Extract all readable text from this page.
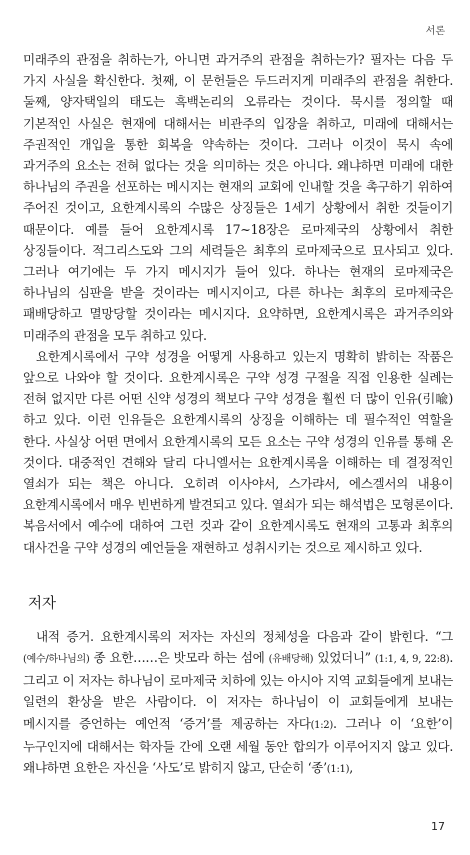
서론

미래주의 관점을 취하는가, 아니면 과거주의 관점을 취하는가? 필자는 다음 두 가지 사실을 확신한다. 첫째, 이 문헌들은 두드러지게 미래주의 관점을 취한다. 둘째, 양자택일의 태도는 흑백논리의 오류라는 것이다. 묵시를 정의할 때 기본적인 사실은 현재에 대해서는 비관주의 입장을 취하고, 미래에 대해서는 주권적인 개입을 통한 회복을 약속하는 것이다. 그러나 이것이 묵시 속에 과거주의 요소는 전혀 없다는 것을 의미하는 것은 아니다. 왜냐하면 미래에 대한 하나님의 주권을 선포하는 메시지는 현재의 교회에 인내할 것을 촉구하기 위하여 주어진 것이고, 요한계시록의 수많은 상징들은 1세기 상황에서 취한 것들이기 때문이다. 예를 들어 요한계시록 17~18장은 로마제국의 상황에서 취한 상징들이다. 적그리스도와 그의 세력들은 최후의 로마제국으로 묘사되고 있다. 그러나 여기에는 두 가지 메시지가 들어 있다. 하나는 현재의 로마제국은 하나님의 심판을 받을 것이라는 메시지이고, 다른 하나는 최후의 로마제국은 패배당하고 멸망당할 것이라는 메시지다. 요약하면, 요한계시록은 과거주의와 미래주의 관점을 모두 취하고 있다.

요한계시록에서 구약 성경을 어떻게 사용하고 있는지 명확히 밝히는 작품은 앞으로 나와야 할 것이다. 요한계시록은 구약 성경 구절을 직접 인용한 실례는 전혀 없지만 다른 어떤 신약 성경의 책보다 구약 성경을 훨씬 더 많이 인유(引喩)하고 있다. 이런 인유들은 요한계시록의 상징을 이해하는 데 필수적인 역할을 한다. 사실상 어떤 면에서 요한계시록의 모든 요소는 구약 성경의 인유를 통해 온 것이다. 대중적인 견해와 달리 다니엘서는 요한계시록을 이해하는 데 결정적인 열쇠가 되는 책은 아니다. 오히려 이사야서, 스가랴서, 에스겔서의 내용이 요한계시록에서 매우 빈번하게 발견되고 있다. 열쇠가 되는 해석법은 모형론이다. 복음서에서 예수에 대하여 그런 것과 같이 요한계시록도 현재의 고통과 최후의 대사건을 구약 성경의 예언들을 재현하고 성취시키는 것으로 제시하고 있다.

저자

내적 증거. 요한계시록의 저자는 자신의 정체성을 다음과 같이 밝힌다. “그 (예수/하나님의) 종 요한……은 밧모라 하는 섬에 (유배당해) 있었더니” (1:1, 4, 9, 22:8). 그리고 이 저자는 하나님이 로마제국 치하에 있는 아시아 지역 교회들에게 보내는 일련의 환상을 받은 사람이다. 이 저자는 하나님이 이 교회들에게 보내는 메시지를 증언하는 예언적 ‘증거’를 제공하는 자다(1:2). 그러나 이 ‘요한’이 누구인지에 대해서는 학자들 간에 오랜 세월 동안 합의가 이루어지지 않고 있다. 왜냐하면 요한은 자신을 ‘사도’로 밝히지 않고, 단순히 ‘종’(1:1),

17
